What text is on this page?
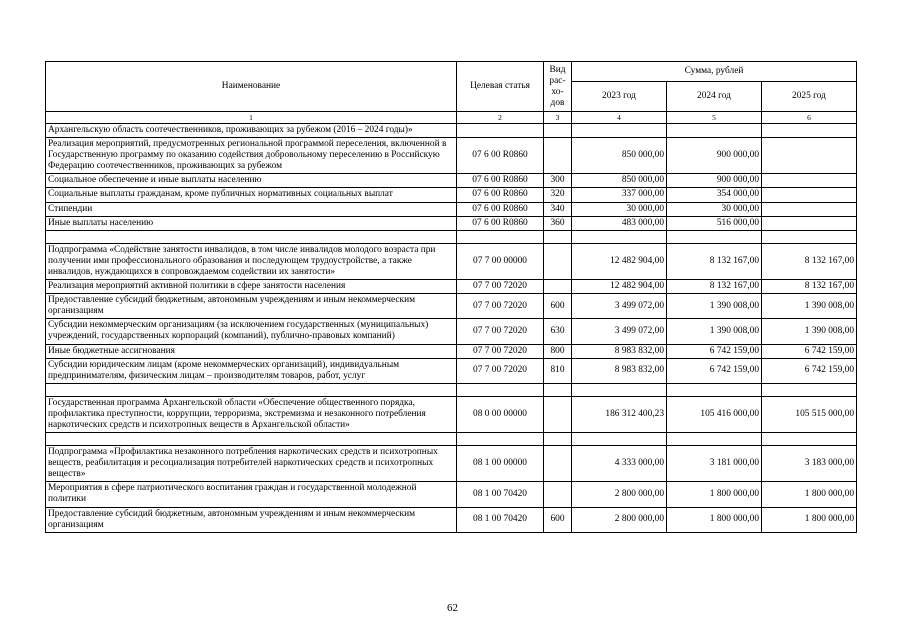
Наименование	Целевая статья	Вид
рас-
хо-
дов	Сумма, рублей		
			2023 год	2024 год	2025 год
1	2	3	4	5	6
Архангельскую область соотечественников, проживающих за рубежом (2016 – 2024 годы)»					
Реализация мероприятий, предусмотренных региональной программой переселения, включенной в Государственную программу по оказанию содействия добровольному переселению в Российскую Федерацию соотечественников, проживающих за рубежом	07 6 00 R0860		850 000,00	900 000,00	
Социальное обеспечение и иные выплаты населению	07 6 00 R0860	300	850 000,00	900 000,00	
Социальные выплаты гражданам, кроме публичных нормативных социальных выплат	07 6 00 R0860	320	337 000,00	354 000,00	
Стипендии	07 6 00 R0860	340	30 000,00	30 000,00	
Иные выплаты населению	07 6 00 R0860	360	483 000,00	516 000,00	

Подпрограмма «Содействие занятости инвалидов, в том числе инвалидов молодого возраста при получении ими профессионального образования и последующем трудоустройстве, а также инвалидов, нуждающихся в сопровождаемом содействии их занятости»	07 7 00 00000		12 482 904,00	8 132 167,00	8 132 167,00
Реализация мероприятий активной политики в сфере занятости населения	07 7 00 72020		12 482 904,00	8 132 167,00	8 132 167,00
Предоставление субсидий бюджетным, автономным учреждениям и иным некоммерческим организациям	07 7 00 72020	600	3 499 072,00	1 390 008,00	1 390 008,00
Субсидии некоммерческим организациям (за исключением государственных (муниципальных) учреждений, государственных корпораций (компаний), публично-правовых компаний)	07 7 00 72020	630	3 499 072,00	1 390 008,00	1 390 008,00
Иные бюджетные ассигнования	07 7 00 72020	800	8 983 832,00	6 742 159,00	6 742 159,00
Субсидии юридическим лицам (кроме некоммерческих организаций), индивидуальным предпринимателям, физическим лицам – производителям товаров, работ, услуг	07 7 00 72020	810	8 983 832,00	6 742 159,00	6 742 159,00

Государственная программа Архангельской области «Обеспечение общественного порядка, профилактика преступности, коррупции, терроризма, экстремизма и незаконного потребления наркотических средств и психотропных веществ в Архангельской области»	08 0 00 00000		186 312 400,23	105 416 000,00	105 515 000,00

Подпрограмма «Профилактика незаконного потребления наркотических средств и психотропных веществ, реабилитация и ресоциализация потребителей наркотических средств и психотропных веществ»	08 1 00 00000		4 333 000,00	3 181 000,00	3 183 000,00
Мероприятия в сфере патриотического воспитания граждан и государственной молодежной политики	08 1 00 70420		2 800 000,00	1 800 000,00	1 800 000,00
Предоставление субсидий бюджетным, автономным учреждениям и иным некоммерческим организациям	08 1 00 70420	600	2 800 000,00	1 800 000,00	1 800 000,00
62
